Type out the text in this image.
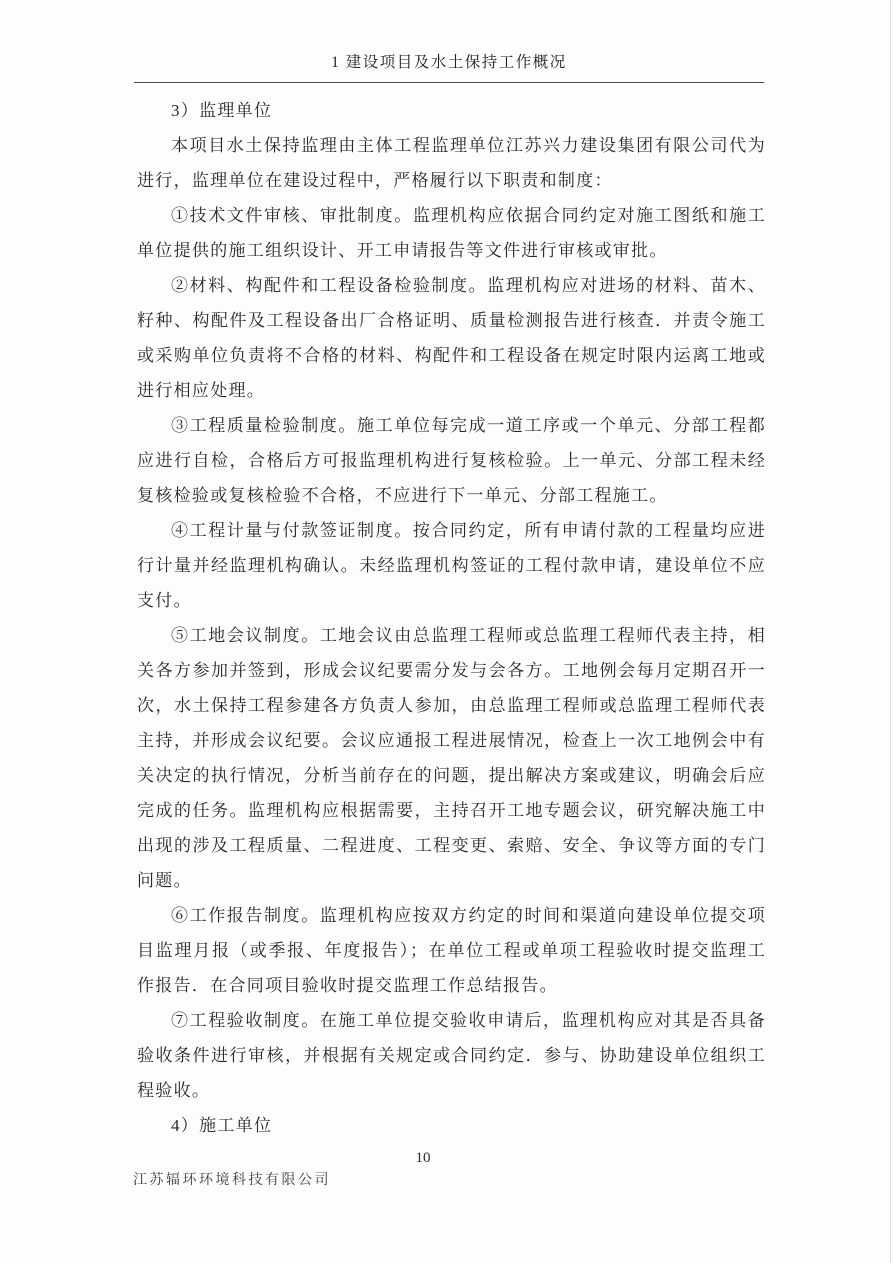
1 建设项目及水土保持工作概况

3）监理单位

本项目水土保持监理由主体工程监理单位江苏兴力建设集团有限公司代为进行，监理单位在建设过程中，严格履行以下职责和制度：

①技术文件审核、审批制度。监理机构应依据合同约定对施工图纸和施工单位提供的施工组织设计、开工申请报告等文件进行审核或审批。

②材料、构配件和工程设备检验制度。监理机构应对进场的材料、苗木、籽种、构配件及工程设备出厂合格证明、质量检测报告进行核查．并责令施工或采购单位负责将不合格的材料、构配件和工程设备在规定时限内运离工地或进行相应处理。

③工程质量检验制度。施工单位每完成一道工序或一个单元、分部工程都应进行自检，合格后方可报监理机构进行复核检验。上一单元、分部工程未经复核检验或复核检验不合格，不应进行下一单元、分部工程施工。

④工程计量与付款签证制度。按合同约定，所有申请付款的工程量均应进行计量并经监理机构确认。未经监理机构签证的工程付款申请，建设单位不应支付。

⑤工地会议制度。工地会议由总监理工程师或总监理工程师代表主持，相关各方参加并签到，形成会议纪要需分发与会各方。工地例会每月定期召开一次，水土保持工程参建各方负责人参加，由总监理工程师或总监理工程师代表主持，并形成会议纪要。会议应通报工程进展情况，检查上一次工地例会中有关决定的执行情况，分析当前存在的问题，提出解决方案或建议，明确会后应完成的任务。监理机构应根据需要，主持召开工地专题会议，研究解决施工中出现的涉及工程质量、二程进度、工程变更、索赔、安全、争议等方面的专门问题。

⑥工作报告制度。监理机构应按双方约定的时间和渠道向建设单位提交项目监理月报（或季报、年度报告）；在单位工程或单项工程验收时提交监理工作报告．在合同项目验收时提交监理工作总结报告。

⑦工程验收制度。在施工单位提交验收申请后，监理机构应对其是否具备验收条件进行审核，并根据有关规定或合同约定．参与、协助建设单位组织工程验收。

4）施工单位

10
江苏辐环环境科技有限公司
